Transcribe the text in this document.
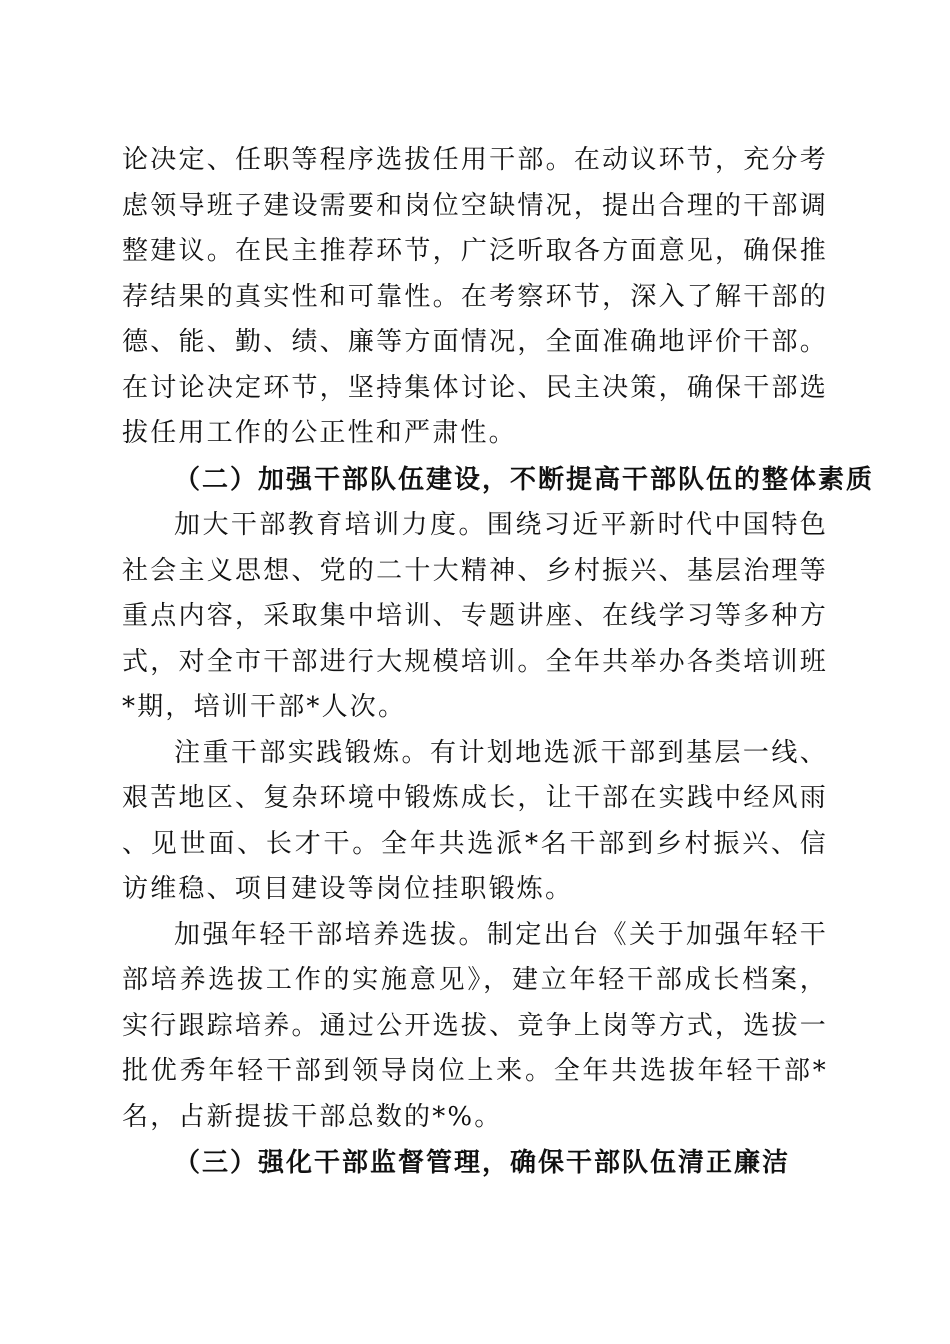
论决定、任职等程序选拔任用干部。在动议环节，充分考虑领导班子建设需要和岗位空缺情况，提出合理的干部调整建议。在民主推荐环节，广泛听取各方面意见，确保推荐结果的真实性和可靠性。在考察环节，深入了解干部的德、能、勤、绩、廉等方面情况，全面准确地评价干部。在讨论决定环节，坚持集体讨论、民主决策，确保干部选拔任用工作的公正性和严肃性。

（二）加强干部队伍建设，不断提高干部队伍的整体素质

加大干部教育培训力度。围绕习近平新时代中国特色社会主义思想、党的二十大精神、乡村振兴、基层治理等重点内容，采取集中培训、专题讲座、在线学习等多种方式，对全市干部进行大规模培训。全年共举办各类培训班*期，培训干部*人次。

注重干部实践锻炼。有计划地选派干部到基层一线、艰苦地区、复杂环境中锻炼成长，让干部在实践中经风雨、见世面、长才干。全年共选派*名干部到乡村振兴、信访维稳、项目建设等岗位挂职锻炼。

加强年轻干部培养选拔。制定出台《关于加强年轻干部培养选拔工作的实施意见》，建立年轻干部成长档案，实行跟踪培养。通过公开选拔、竞争上岗等方式，选拔一批优秀年轻干部到领导岗位上来。全年共选拔年轻干部*名，占新提拔干部总数的*%。

（三）强化干部监督管理，确保干部队伍清正廉洁
